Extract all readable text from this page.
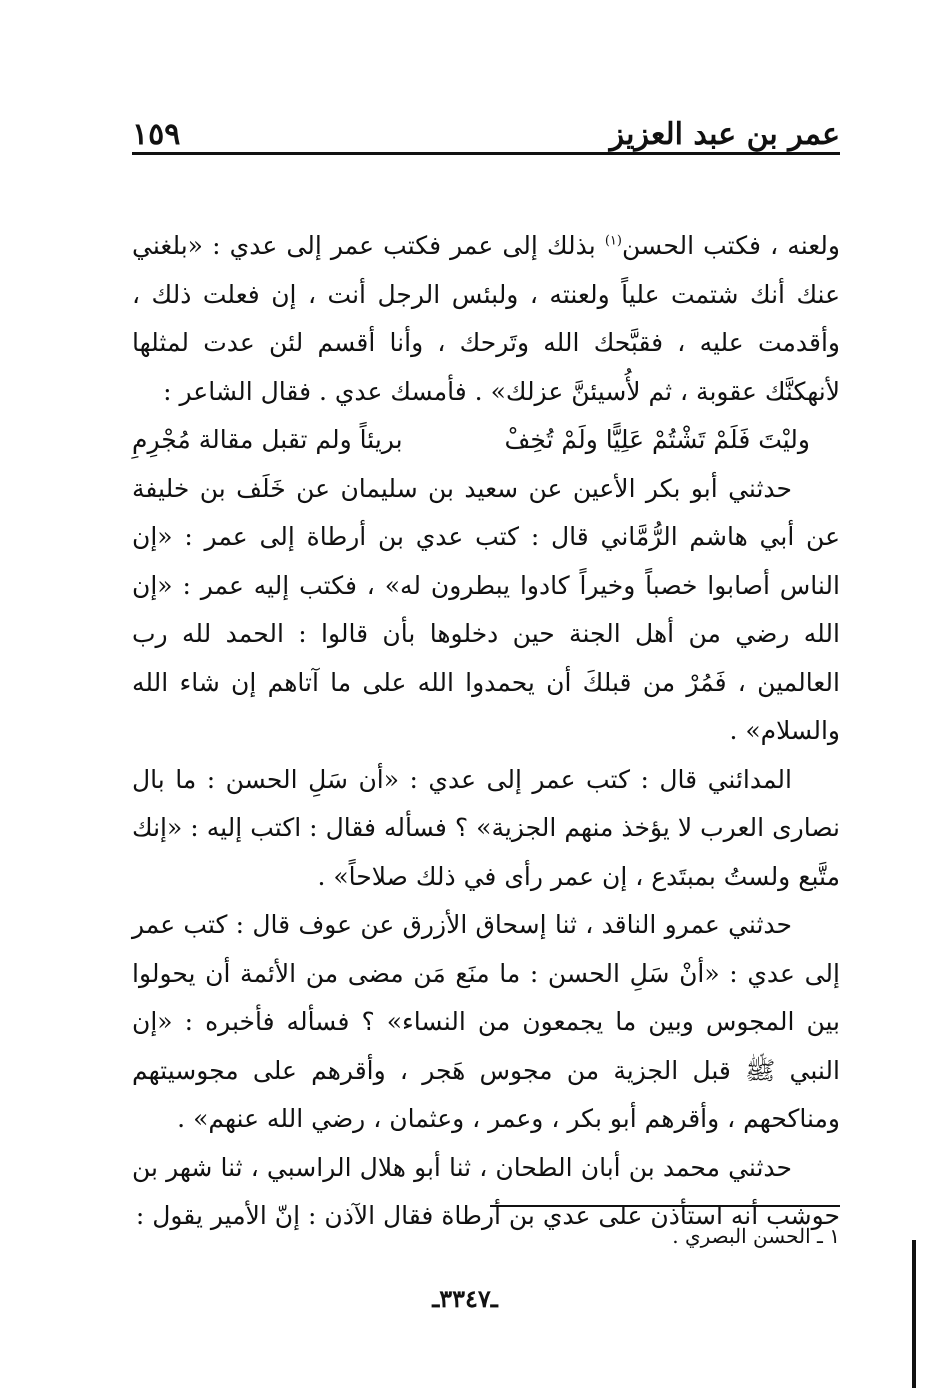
عمر بن عبد العزيز
١٥٩

ولعنه ، فكتب الحسن$^{(١)}$ بذلك إلى عمر فكتب عمر إلى عدي : «بلغني عنك أنك شتمت علياً ولعنته ، ولبئس الرجل أنت ، إن فعلت ذلك ، وأقدمت عليه ، فقبَّحك الله وتَرحك ، وأنا أقسم لئن عدت لمثلها لأنهكنَّك عقوبة ، ثم لأُسيئنَّ عزلك» . فأمسك عدي . فقال الشاعر :

وليْتَ فَلَمْ تَشْتُمْ عَلِيًّا ولَمْ تُخِفْ
بريئاً ولم تقبل مقالة مُجْرِمِ

حدثني أبو بكر الأعين عن سعيد بن سليمان عن خَلَف بن خليفة عن أبي هاشم الرُّمَّاني قال : كتب عدي بن أرطاة إلى عمر : «إن الناس أصابوا خصباً وخيراً كادوا يبطرون له» ، فكتب إليه عمر : «إن الله رضي من أهل الجنة حين دخلوها بأن قالوا : الحمد لله رب العالمين ، فَمُرْ من قبلكَ أن يحمدوا الله على ما آتاهم إن شاء الله والسلام» .

المدائني قال : كتب عمر إلى عدي : «أن سَلِ الحسن : ما بال نصارى العرب لا يؤخذ منهم الجزية» ؟ فسأله فقال : اكتب إليه : «إنك متَّبع ولستُ بمبتَدع ، إن عمر رأى في ذلك صلاحاً» .

حدثني عمرو الناقد ، ثنا إسحاق الأزرق عن عوف قال : كتب عمر إلى عدي : «أنْ سَلِ الحسن : ما منَع مَن مضى من الأئمة أن يحولوا بين المجوس وبين ما يجمعون من النساء» ؟ فسأله فأخبره : «إن النبي ﷺ قبل الجزية من مجوس هَجر ، وأقرهم على مجوسيتهم ومناكحهم ، وأقرهم أبو بكر ، وعمر ، وعثمان ، رضي الله عنهم» .

حدثني محمد بن أبان الطحان ، ثنا أبو هلال الراسبي ، ثنا شهر بن حوشب أنه استأذن على عدي بن أرطاة فقال الآذن : إنّ الأمير يقول :

١ ـ الحسن البصري .
ـ٣٣٤٧ـ
